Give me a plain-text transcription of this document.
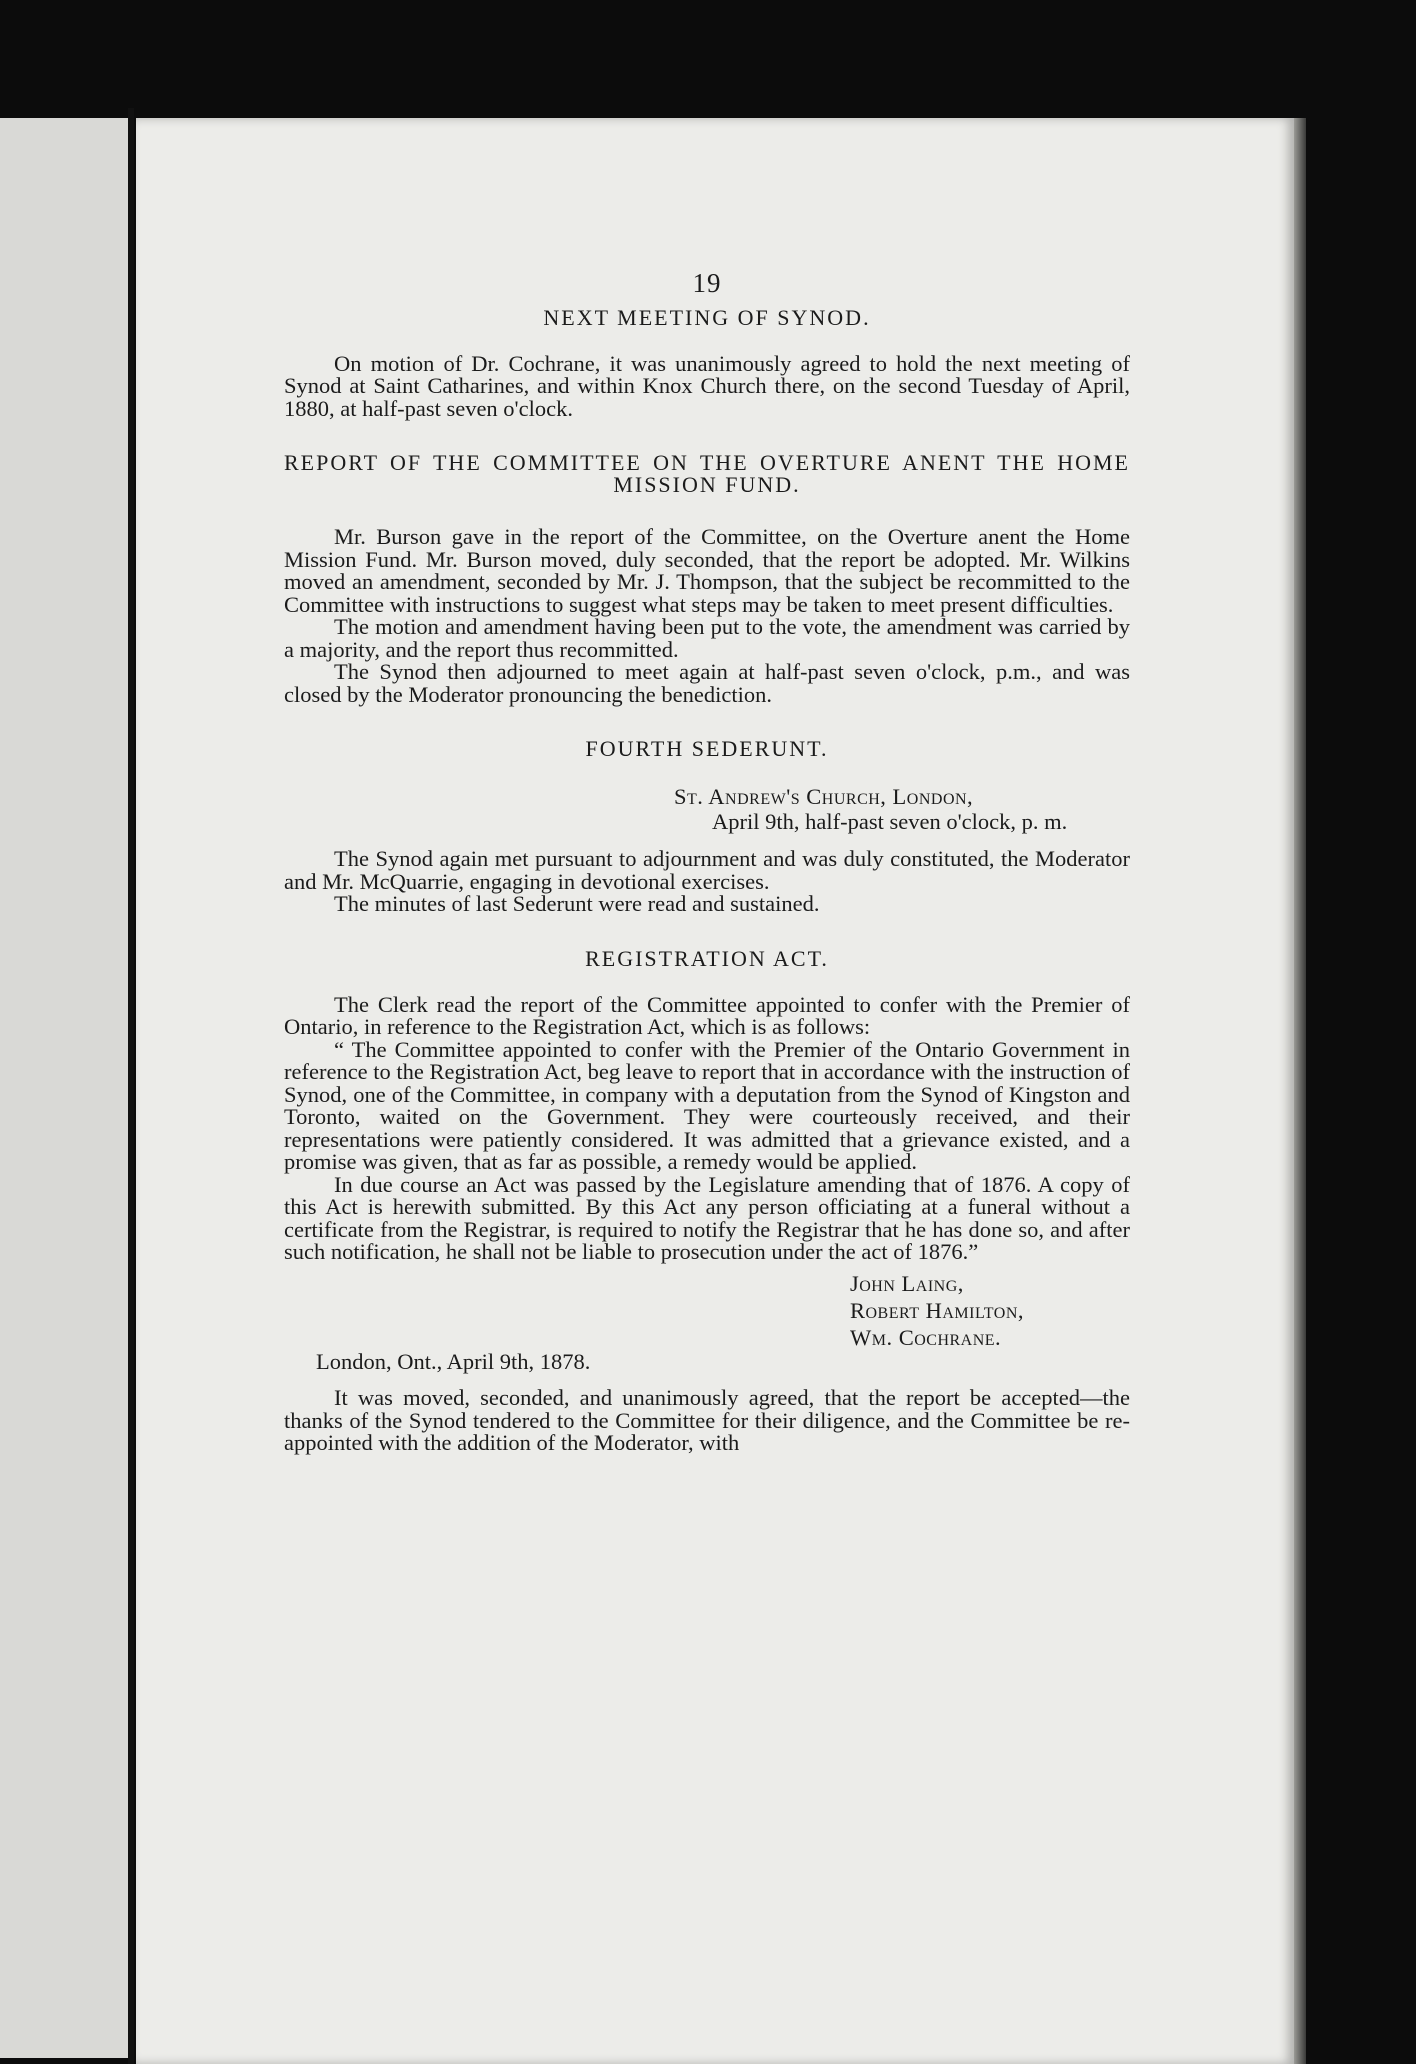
19
NEXT MEETING OF SYNOD.

On motion of Dr. Cochrane, it was unanimously agreed to hold the next meeting of Synod at Saint Catharines, and within Knox Church there, on the second Tuesday of April, 1880, at half-past seven o'clock.

REPORT OF THE COMMITTEE ON THE OVERTURE ANENT THE HOME MISSION FUND.

Mr. Burson gave in the report of the Committee, on the Overture anent the Home Mission Fund. Mr. Burson moved, duly seconded, that the report be adopted. Mr. Wilkins moved an amendment, seconded by Mr. J. Thompson, that the subject be recommitted to the Committee with instructions to suggest what steps may be taken to meet present difficulties.

The motion and amendment having been put to the vote, the amendment was carried by a majority, and the report thus recommitted.

The Synod then adjourned to meet again at half-past seven o'clock, p.m., and was closed by the Moderator pronouncing the benediction.

FOURTH SEDERUNT.
St. Andrew's Church, London,
April 9th, half-past seven o'clock, p. m.

The Synod again met pursuant to adjournment and was duly constituted, the Moderator and Mr. McQuarrie, engaging in devotional exercises.

The minutes of last Sederunt were read and sustained.

REGISTRATION ACT.

The Clerk read the report of the Committee appointed to confer with the Premier of Ontario, in reference to the Registration Act, which is as follows:

“ The Committee appointed to confer with the Premier of the Ontario Government in reference to the Registration Act, beg leave to report that in accordance with the instruction of Synod, one of the Committee, in company with a deputation from the Synod of Kingston and Toronto, waited on the Government. They were courteously received, and their representations were patiently considered. It was admitted that a grievance existed, and a promise was given, that as far as possible, a remedy would be applied.

In due course an Act was passed by the Legislature amending that of 1876. A copy of this Act is herewith submitted. By this Act any person officiating at a funeral without a certificate from the Registrar, is required to notify the Registrar that he has done so, and after such notification, he shall not be liable to prosecution under the act of 1876.”

John Laing,
Robert Hamilton,
Wm. Cochrane.
London, Ont., April 9th, 1878.

It was moved, seconded, and unanimously agreed, that the report be accepted—the thanks of the Synod tendered to the Committee for their diligence, and the Committee be re-appointed with the addition of the Moderator, with
